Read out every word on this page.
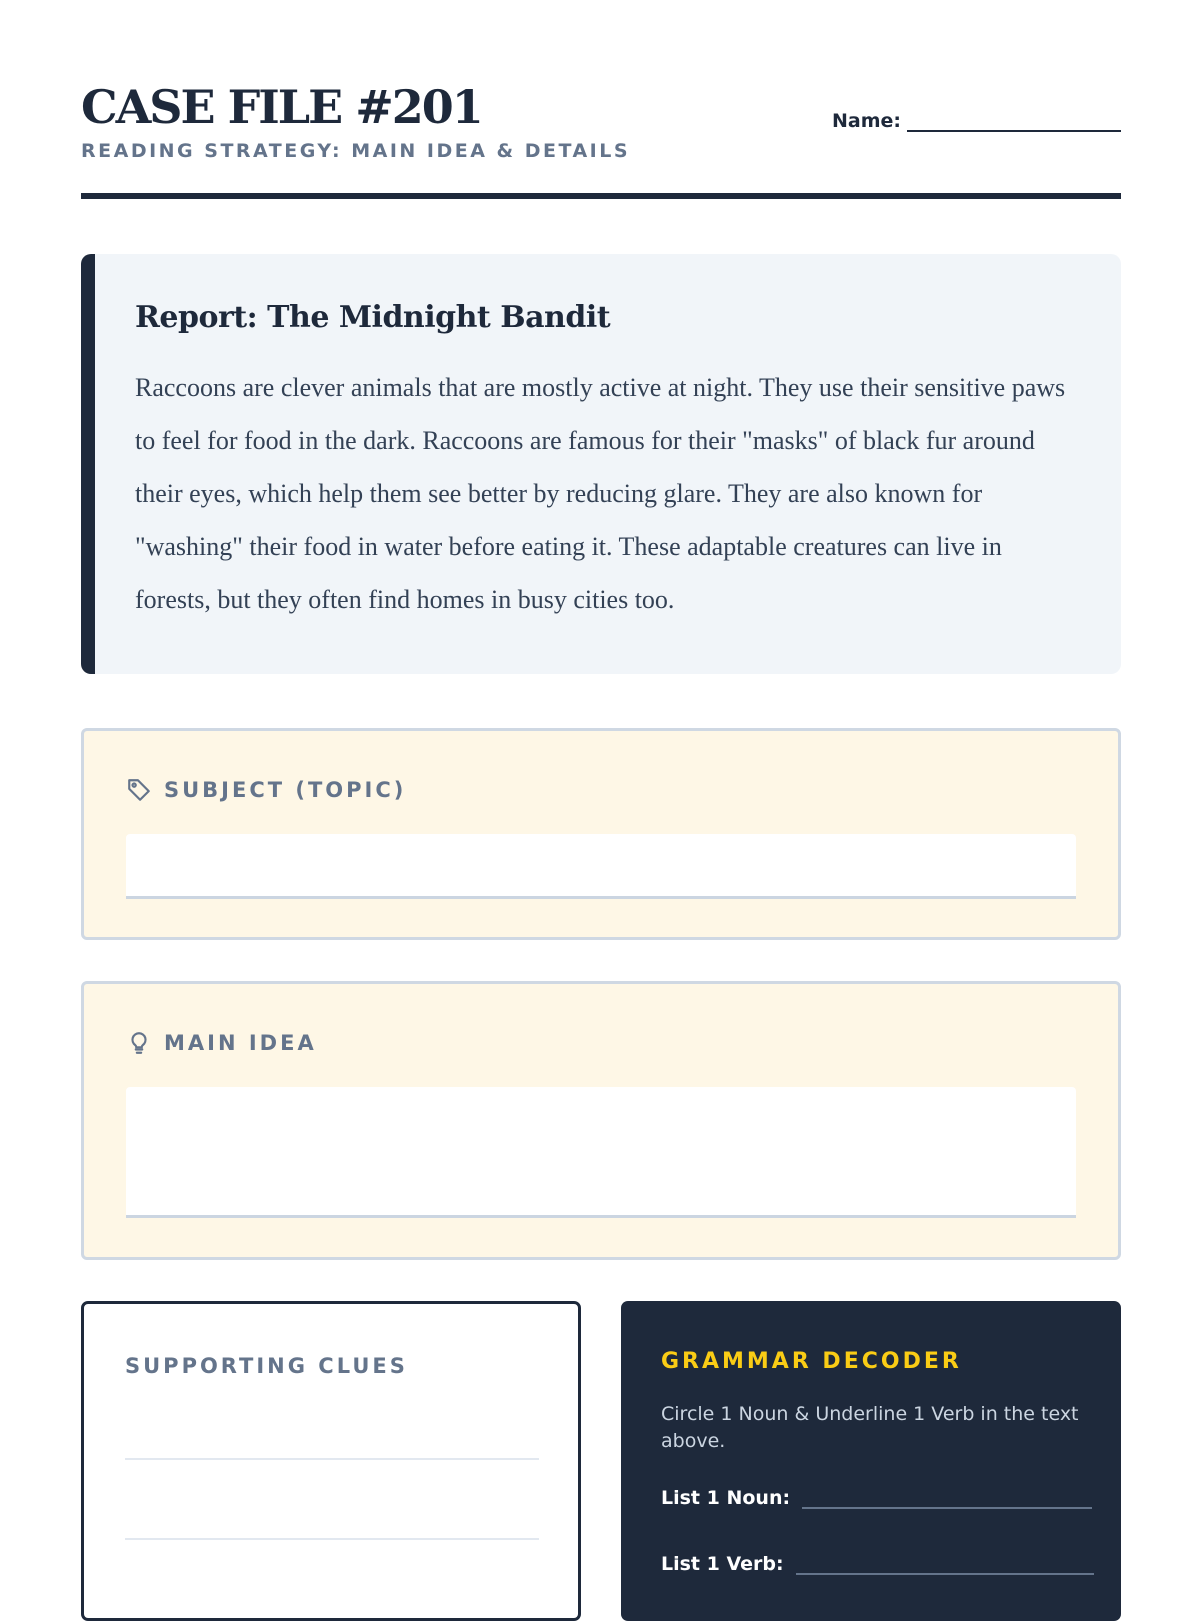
CASE FILE #201
READING STRATEGY: MAIN IDEA & DETAILS
Name:
Report: The Midnight Bandit

Raccoons are clever animals that are mostly active at night. They use their sensitive paws to feel for food in the dark. Raccoons are famous for their "masks" of black fur around their eyes, which help them see better by reducing glare. They are also known for "washing" their food in water before eating it. These adaptable creatures can live in forests, but they often find homes in busy cities too.

SUBJECT (TOPIC)
MAIN IDEA
SUPPORTING CLUES	GRAMMAR DECODER
Circle 1 Noun & Underline 1 Verb in the text above.
List 1 Noun:
List 1 Verb:
